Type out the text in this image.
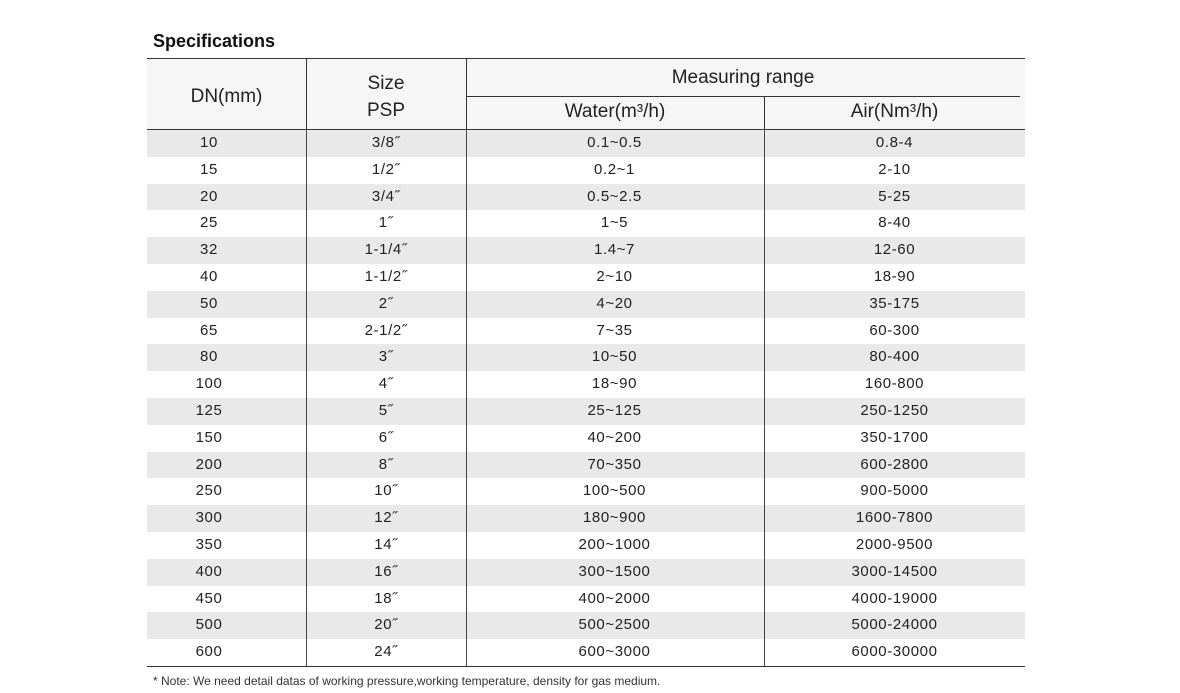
Specifications
DN(mm)
Size
PSP
Measuring range
Water(m³/h)	Air(Nm³/h)
10	3/8˝	0.1~0.5	0.8-4
15	1/2˝	0.2~1	2-10
20	3/4˝	0.5~2.5	5-25
25	1˝	1~5	8-40
32	1-1/4˝	1.4~7	12-60
40	1-1/2˝	2~10	18-90
50	2˝	4~20	35-175
65	2-1/2˝	7~35	60-300
80	3˝	10~50	80-400
100	4˝	18~90	160-800
125	5˝	25~125	250-1250
150	6˝	40~200	350-1700
200	8˝	70~350	600-2800
250	10˝	100~500	900-5000
300	12˝	180~900	1600-7800
350	14˝	200~1000	2000-9500
400	16˝	300~1500	3000-14500
450	18˝	400~2000	4000-19000
500	20˝	500~2500	5000-24000
600	24˝	600~3000	6000-30000
* Note: We need detail datas of working pressure,working temperature, density for gas medium.
